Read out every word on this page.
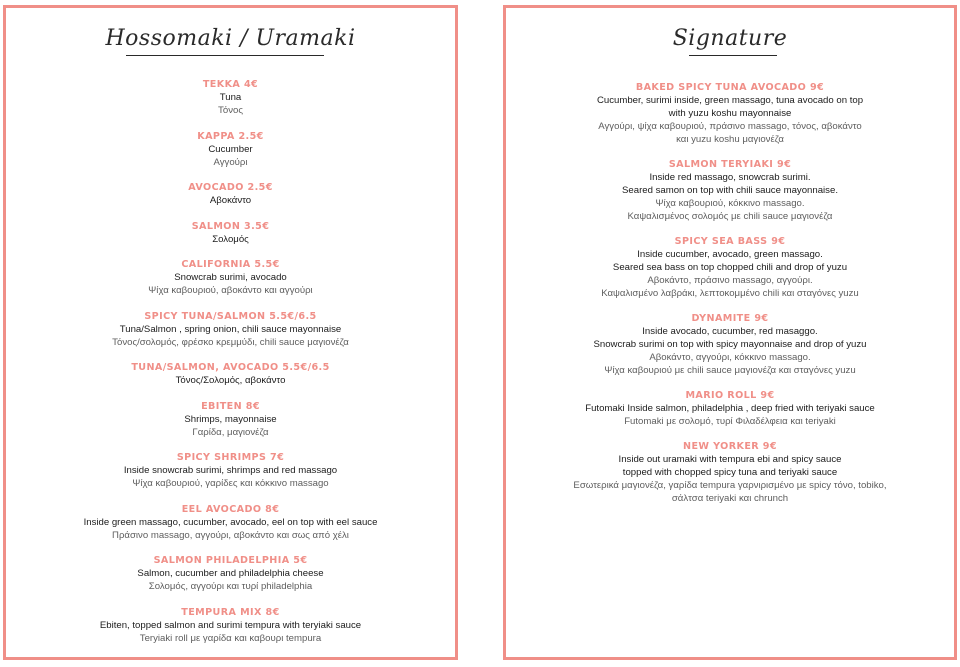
Hossomaki / Uramaki
TEKKA 4€
Tuna
Τόνος
KAPPA 2.5€
Cucumber
Αγγούρι
AVOCADO 2.5€
Αβοκάντο
SALMON 3.5€
Σολομός
CALIFORNIA 5.5€
Snowcrab surimi, avocado
Ψίχα καβουριού, αβοκάντο και αγγούρι
SPICY TUNA/SALMON 5.5€/6.5
Tuna/Salmon , spring onion, chili sauce mayonnaise
Τόνος/σολομός, φρέσκο κρεμμύδι, chili sauce μαγιονέζα
TUNA/SALMON, AVOCADO 5.5€/6.5
Τόνος/Σολομός, αβοκάντο
EBITEN 8€
Shrimps, mayonnaise
Γαρίδα, μαγιονέζα
SPICY SHRIMPS 7€
Inside snowcrab surimi, shrimps and red massago
Ψίχα καβουριού, γαρίδες και κόκκινο massago
EEL AVOCADO 8€
Inside green massago, cucumber, avocado, eel on top with eel sauce
Πράσινο massago, αγγούρι, αβοκάντο και σως από χέλι
SALMON PHILADELPHIA 5€
Salmon, cucumber and philadelphia cheese
Σολομός, αγγούρι και τυρί philadelphia
TEMPURA MIX 8€
Ebiten, topped salmon and surimi tempura with teryiaki sauce
Teryiaki roll με γαρίδα και καβουρι tempura
Signature
BAKED SPICY TUNA AVOCADO 9€
Cucumber, surimi inside, green massago, tuna avocado on top
with yuzu koshu mayonnaise
Αγγούρι, ψίχα καβουριού, πράσινο massago, τόνος, αβοκάντο
και yuzu koshu μαγιονέζα
SALMON TERYIAKI 9€
Inside red massago, snowcrab surimi.
Seared samon on top with chili sauce mayonnaise.
Ψίχα καβουριού, κόκκινο massago.
Καψαλισμένος σολομός με chili sauce μαγιονέζα
SPICY SEA BASS 9€
Inside cucumber, avocado, green massago.
Seared sea bass on top chopped chili and drop of yuzu
Αβοκάντο, πράσινο massago, αγγούρι.
Καψαλισμένο λαβράκι, λεπτοκομμένο chili και σταγόνες yuzu
DYNAMITE 9€
Inside avocado, cucumber, red masaggo.
Snowcrab surimi on top with spicy mayonnaise and drop of yuzu
Αβοκάντο, αγγούρι, κόκκινο massago.
Ψίχα καβουριού με chili sauce μαγιονέζα και σταγόνες yuzu
MARIO ROLL 9€
Futomaki Inside salmon, philadelphia , deep fried with teriyaki sauce
Futomaki με σολομό, τυρί Φιλαδέλφεια και teriyaki
NEW YORKER 9€
Inside out uramaki with tempura ebi and spicy sauce
topped with chopped spicy tuna and teriyaki sauce
Εσωτερικά μαγιονέζα, γαρίδα tempura γαρνιρισμένο με spicy τόνο, tobiko,
σάλτσα teriyaki και chrunch
